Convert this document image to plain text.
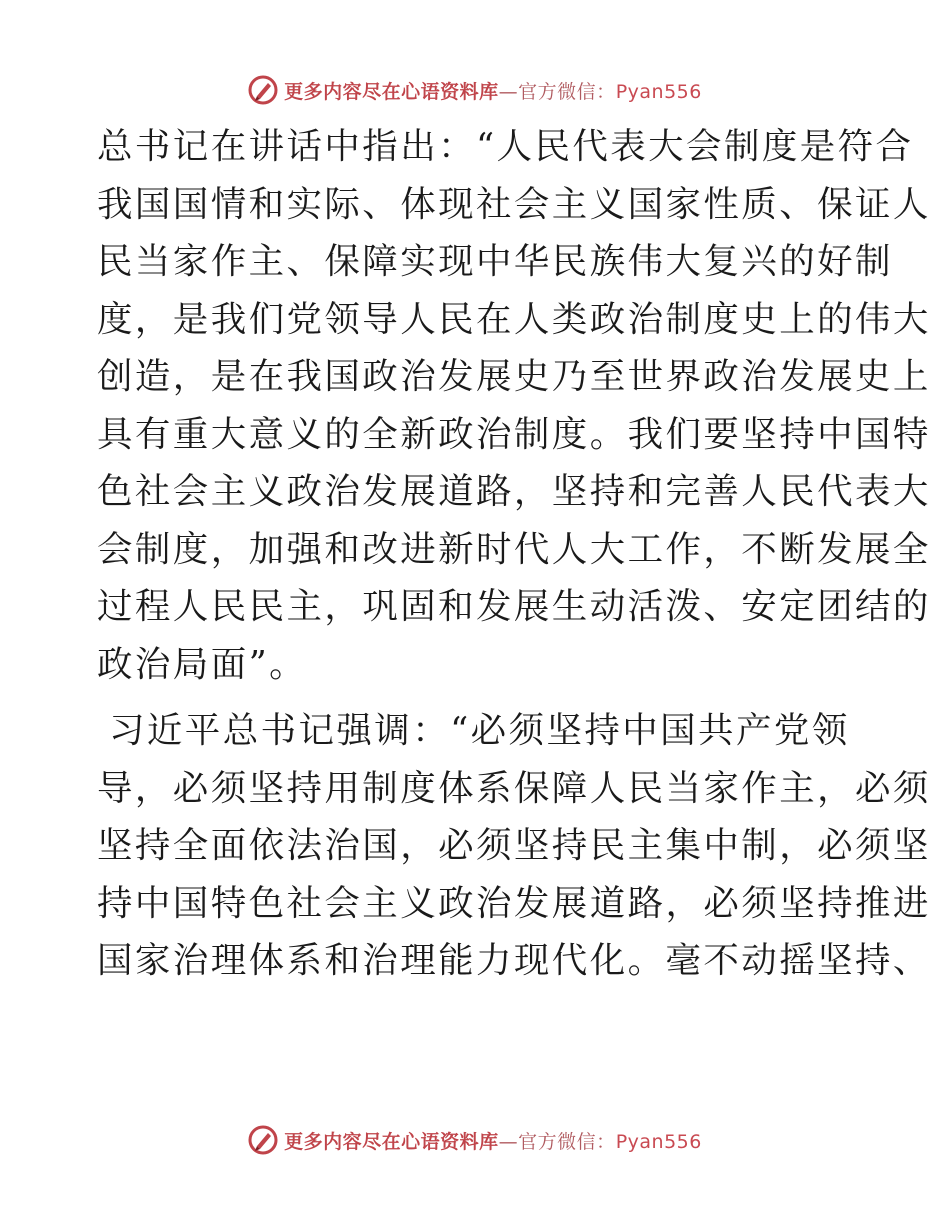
更多内容尽在心语资料库—官方微信：Pyan556
总书记在讲话中指出：“人民代表大会制度是符合
我国国情和实际、体现社会主义国家性质、保证人
民当家作主、保障实现中华民族伟大复兴的好制
度，是我们党领导人民在人类政治制度史上的伟大
创造，是在我国政治发展史乃至世界政治发展史上
具有重大意义的全新政治制度。我们要坚持中国特
色社会主义政治发展道路，坚持和完善人民代表大
会制度，加强和改进新时代人大工作，不断发展全
过程人民民主，巩固和发展生动活泼、安定团结的
政治局面”。
习近平总书记强调：“必须坚持中国共产党领
导，必须坚持用制度体系保障人民当家作主，必须
坚持全面依法治国，必须坚持民主集中制，必须坚
持中国特色社会主义政治发展道路，必须坚持推进
国家治理体系和治理能力现代化。毫不动摇坚持、
更多内容尽在心语资料库—官方微信：Pyan556
